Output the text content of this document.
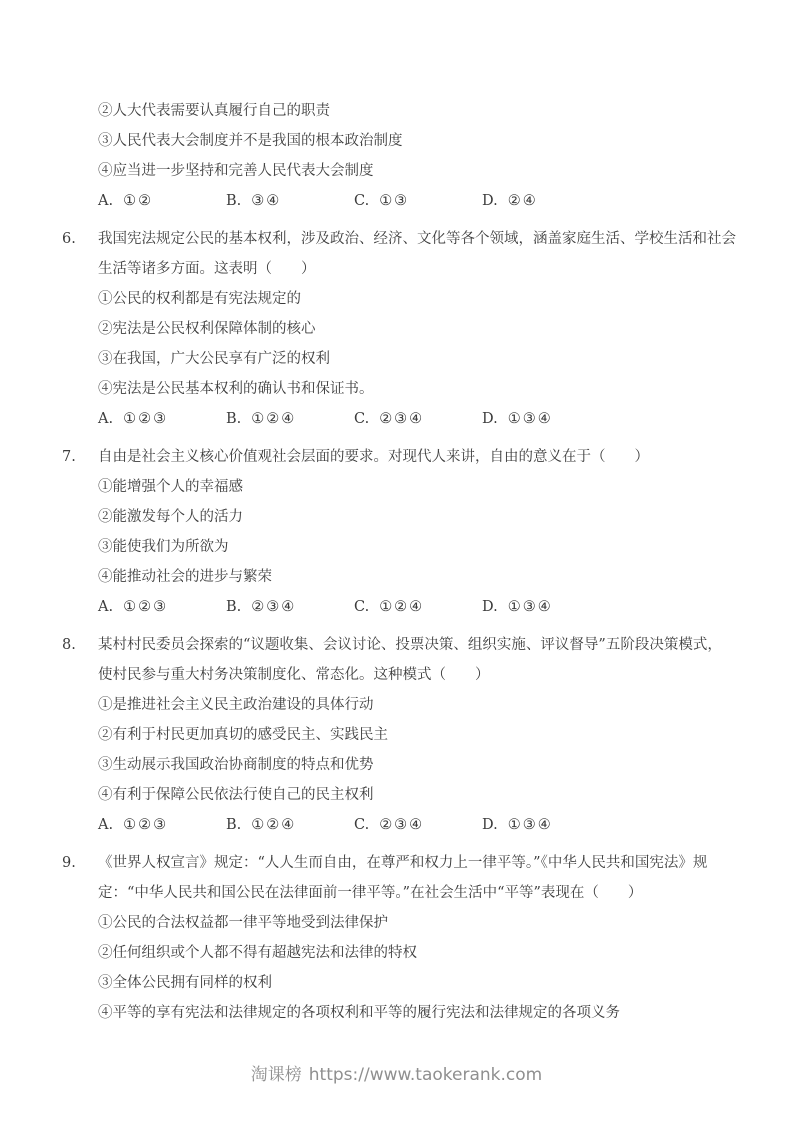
②人大代表需要认真履行自己的职责
③人民代表大会制度并不是我国的根本政治制度
④应当进一步坚持和完善人民代表大会制度
A. ①②	B. ③④	C. ①③	D. ②④
6. 我国宪法规定公民的基本权利，涉及政治、经济、文化等各个领域，涵盖家庭生活、学校生活和社会
生活等诸多方面。这表明（　　）
①公民的权利都是有宪法规定的
②宪法是公民权利保障体制的核心
③在我国，广大公民享有广泛的权利
④宪法是公民基本权利的确认书和保证书。
A. ①②③	B. ①②④	C. ②③④	D. ①③④
7. 自由是社会主义核心价值观社会层面的要求。对现代人来讲，自由的意义在于（　　）
①能增强个人的幸福感
②能激发每个人的活力
③能使我们为所欲为
④能推动社会的进步与繁荣
A. ①②③	B. ②③④	C. ①②④	D. ①③④
8. 某村村民委员会探索的“议题收集、会议讨论、投票决策、组织实施、评议督导”五阶段决策模式，
使村民参与重大村务决策制度化、常态化。这种模式（　　）
①是推进社会主义民主政治建设的具体行动
②有利于村民更加真切的感受民主、实践民主
③生动展示我国政治协商制度的特点和优势
④有利于保障公民依法行使自己的民主权利
A. ①②③	B. ①②④	C. ②③④	D. ①③④
9. 《世界人权宣言》规定：“人人生而自由，在尊严和权力上一律平等。”《中华人民共和国宪法》规
定：“中华人民共和国公民在法律面前一律平等。”在社会生活中“平等”表现在（　　）
①公民的合法权益都一律平等地受到法律保护
②任何组织或个人都不得有超越宪法和法律的特权
③全体公民拥有同样的权利
④平等的享有宪法和法律规定的各项权利和平等的履行宪法和法律规定的各项义务
淘课榜 https://www.taokerank.com
